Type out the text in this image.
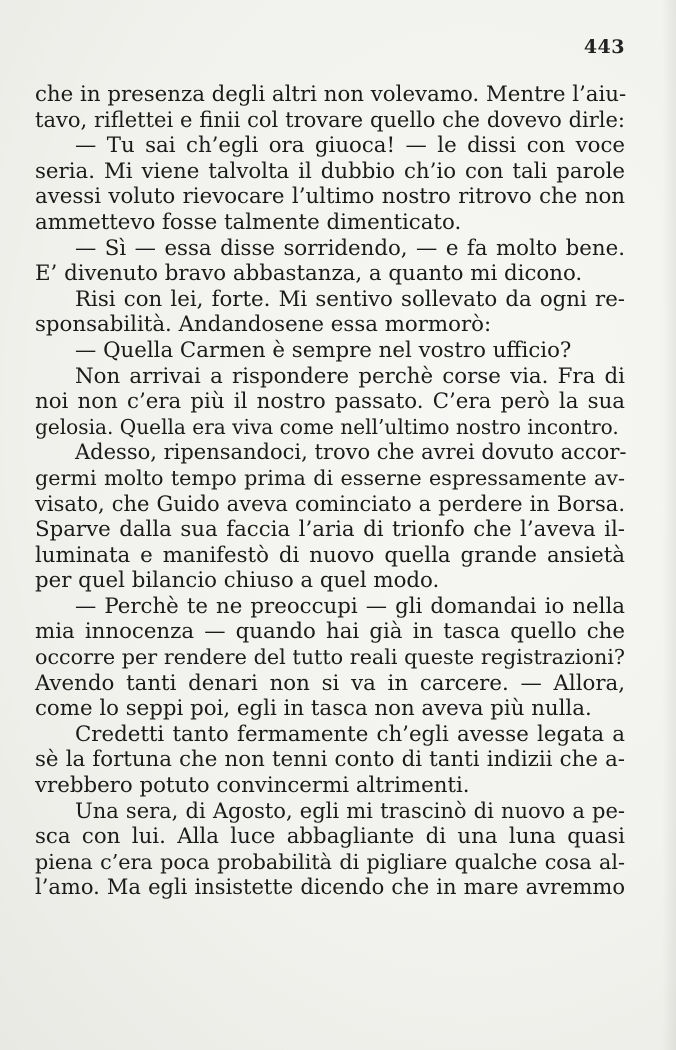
443
che in presenza degli altri non volevamo. Mentre l’aiu-
tavo, riflettei e finii col trovare quello che dovevo dirle:
— Tu sai ch’egli ora giuoca! — le dissi con voce
seria. Mi viene talvolta il dubbio ch’io con tali parole
avessi voluto rievocare l’ultimo nostro ritrovo che non
ammettevo fosse talmente dimenticato.
— Sì — essa disse sorridendo, — e fa molto bene.
E’ divenuto bravo abbastanza, a quanto mi dicono.
Risi con lei, forte. Mi sentivo sollevato da ogni re-
sponsabilità. Andandosene essa mormorò:
— Quella Carmen è sempre nel vostro ufficio?
Non arrivai a rispondere perchè corse via. Fra di
noi non c’era più il nostro passato. C’era però la sua
gelosia. Quella era viva come nell’ultimo nostro incontro.
Adesso, ripensandoci, trovo che avrei dovuto accor-
germi molto tempo prima di esserne espressamente av-
visato, che Guido aveva cominciato a perdere in Borsa.
Sparve dalla sua faccia l’aria di trionfo che l’aveva il-
luminata e manifestò di nuovo quella grande ansietà
per quel bilancio chiuso a quel modo.
— Perchè te ne preoccupi — gli domandai io nella
mia innocenza — quando hai già in tasca quello che
occorre per rendere del tutto reali queste registrazioni?
Avendo tanti denari non si va in carcere. — Allora,
come lo seppi poi, egli in tasca non aveva più nulla.
Credetti tanto fermamente ch’egli avesse legata a
sè la fortuna che non tenni conto di tanti indizii che a-
vrebbero potuto convincermi altrimenti.
Una sera, di Agosto, egli mi trascinò di nuovo a pe-
sca con lui. Alla luce abbagliante di una luna quasi
piena c’era poca probabilità di pigliare qualche cosa al-
l’amo. Ma egli insistette dicendo che in mare avremmo
